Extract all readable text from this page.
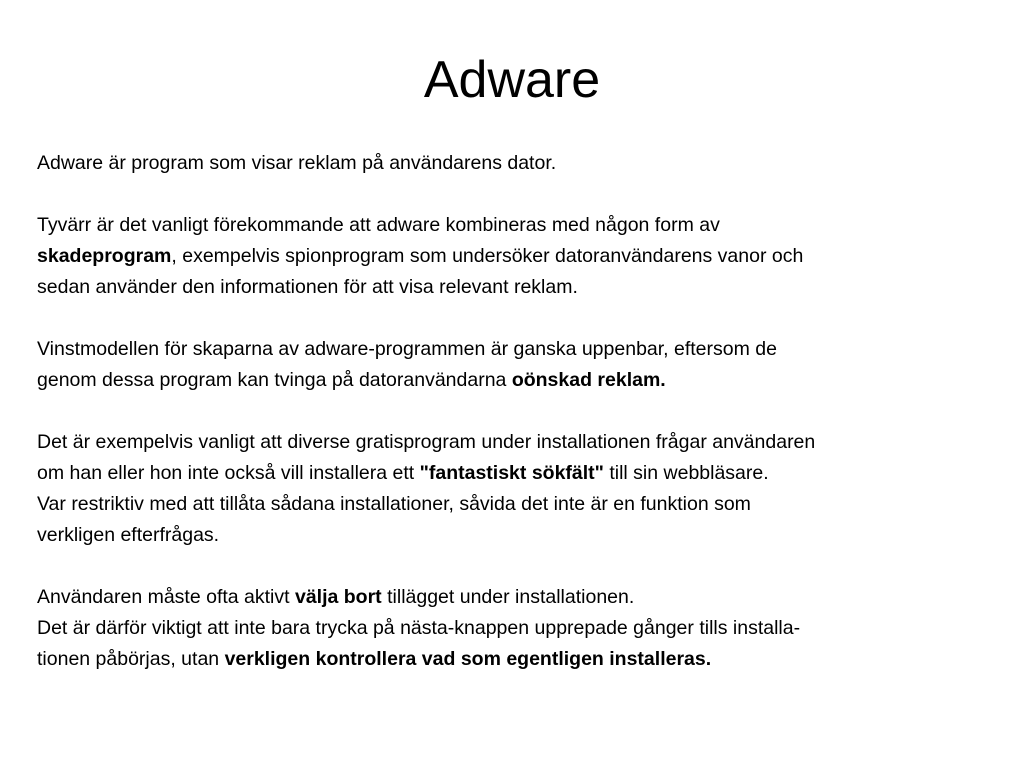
Adware
Adware är program som visar reklam på användarens dator.
Tyvärr är det vanligt förekommande att adware kombineras med någon form av
skadeprogram, exempelvis spionprogram som undersöker datoranvändarens vanor och
sedan använder den informationen för att visa relevant reklam.
Vinstmodellen för skaparna av adware-programmen är ganska uppenbar, eftersom de
genom dessa program kan tvinga på datoranvändarna oönskad reklam.
Det är exempelvis vanligt att diverse gratisprogram under installationen frågar användaren
om han eller hon inte också vill installera ett "fantastiskt sökfält" till sin webbläsare.
Var restriktiv med att tillåta sådana installationer, såvida det inte är en funktion som
verkligen efterfrågas.
Användaren måste ofta aktivt välja bort tillägget under installationen.
Det är därför viktigt att inte bara trycka på nästa-knappen upprepade gånger tills installa-
tionen påbörjas, utan verkligen kontrollera vad som egentligen installeras.
